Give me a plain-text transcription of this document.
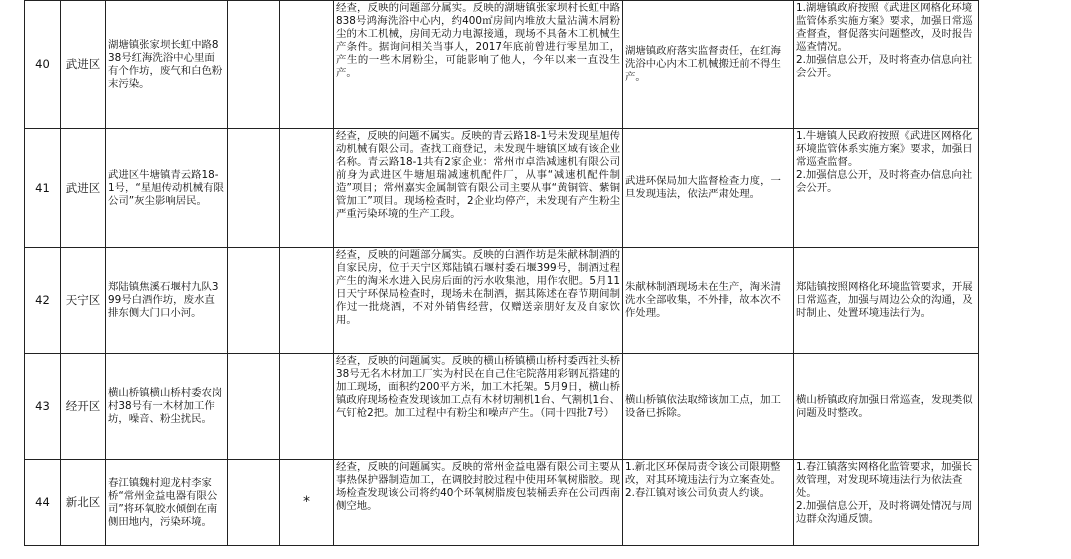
40	武进区	湖塘镇张家坝长虹中路838号红海洗浴中心里面有个作坊，废气和白色粉末污染。			经查，反映的问题部分属实。反映的湖塘镇张家坝村长虹中路838号鸿海洗浴中心内，约400㎡房间内堆放大量沾满木屑粉尘的木工机械，房间无动力电源接通，现场不具备木工机械生产条件。据询问相关当事人，2017年底前曾进行零星加工，产生的一些木屑粉尘，可能影响了他人，今年以来一直没生产。	湖塘镇政府落实监督责任，在红海洗浴中心内木工机械搬迁前不得生产。	1.湖塘镇政府按照《武进区网格化环境监管体系实施方案》要求，加强日常巡查督查，督促落实问题整改，及时报告巡查情况。
2.加强信息公开，及时将查办信息向社会公开。

41	武进区	武进区牛塘镇青云路18-1号，“星旭传动机械有限公司”灰尘影响居民。			经查，反映的问题不属实。反映的青云路18-1号未发现星旭传动机械有限公司。查找工商登记，未发现牛塘镇区域有该企业名称。青云路18-1共有2家企业：常州市卓浩减速机有限公司前身为武进区牛塘旭瑞减速机配件厂，从事“减速机配件制造”项目；常州嘉实金属制管有限公司主要从事“黄铜管、紫铜管加工”项目。现场检查时，2企业均停产，未发现有产生粉尘严重污染环境的生产工段。	武进环保局加大监督检查力度，一旦发现违法，依法严肃处理。	1.牛塘镇人民政府按照《武进区网格化环境监管体系实施方案》要求，加强日常巡查监督。
2.加强信息公开，及时将查办信息向社会公开。

42	天宁区	郑陆镇焦溪石堰村九队399号白酒作坊，废水直排东侧大门口小河。			经查，反映的问题部分属实。反映的白酒作坊是朱献林制酒的自家民房，位于天宁区郑陆镇石堰村委石堰399号，制酒过程产生的淘米水进入民房后面的污水收集池，用作农肥。5月11日天宁环保局检查时，现场未在制酒，据其陈述在春节期间制作过一批烧酒，不对外销售经营，仅赠送亲朋好友及自家饮用。	朱献林制酒现场未在生产，淘米清洗水全部收集，不外排，故本次不作处理。	郑陆镇按照网格化环境监管要求，开展日常巡查，加强与周边公众的沟通，及时制止、处置环境违法行为。

43	经开区	横山桥镇横山桥村委农岗村38号有一木材加工作坊，噪音、粉尘扰民。			经查，反映的问题属实。反映的横山桥镇横山桥村委西社头桥38号无名木材加工厂实为村民在自己住宅院落用彩钢瓦搭建的加工现场，面积约200平方米，加工木托架。5月9日，横山桥镇政府现场检查发现该加工点有木材切割机1台、气割机1台、气钉枪2把。加工过程中有粉尘和噪声产生。（同十四批7号）	横山桥镇依法取缔该加工点，加工设备已拆除。	横山桥镇政府加强日常巡查，发现类似问题及时整改。

44	新北区	春江镇魏村迎龙村李家桥“常州金益电器有限公司”将环氧胶水倾倒在南侧田地内，污染环境。		*	经查，反映的问题属实。反映的常州金益电器有限公司主要从事热保护器制造加工，在调胶封胶过程中使用环氧树脂胶。现场检查发现该公司将约40个环氧树脂废包装桶丢弃在公司西南侧空地。	1.新北区环保局责令该公司限期整改，对其环境违法行为立案查处。
2.春江镇对该公司负责人约谈。	1.春江镇落实网格化监管要求，加强长效管理，对发现环境违法行为依法查处。
2.加强信息公开，及时将调处情况与周边群众沟通反馈。
